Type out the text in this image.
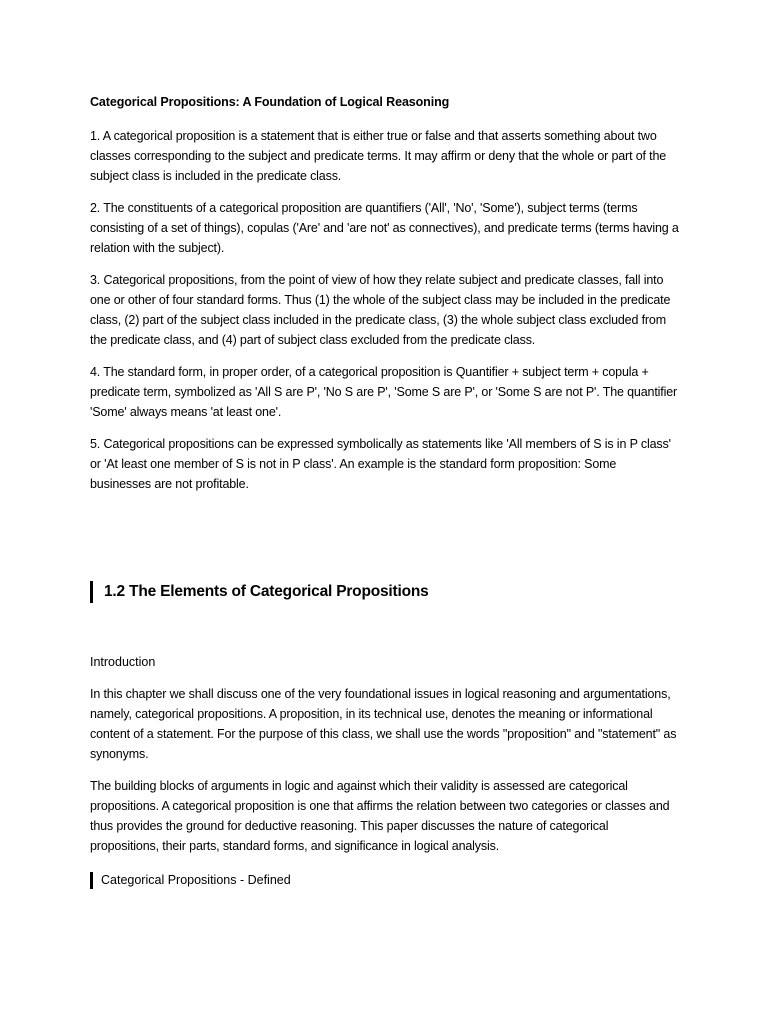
Categorical Propositions: A Foundation of Logical Reasoning

1. A categorical proposition is a statement that is either true or false and that asserts something about two classes corresponding to the subject and predicate terms. It may affirm or deny that the whole or part of the subject class is included in the predicate class.

2. The constituents of a categorical proposition are quantifiers ('All', 'No', 'Some'), subject terms (terms consisting of a set of things), copulas ('Are' and 'are not' as connectives), and predicate terms (terms having a relation with the subject).

3. Categorical propositions, from the point of view of how they relate subject and predicate classes, fall into one or other of four standard forms. Thus (1) the whole of the subject class may be included in the predicate class, (2) part of the subject class included in the predicate class, (3) the whole subject class excluded from the predicate class, and (4) part of subject class excluded from the predicate class.

4. The standard form, in proper order, of a categorical proposition is Quantifier + subject term + copula + predicate term, symbolized as 'All S are P', 'No S are P', 'Some S are P', or 'Some S are not P'. The quantifier 'Some' always means 'at least one'.

5. Categorical propositions can be expressed symbolically as statements like 'All members of S is in P class' or 'At least one member of S is not in P class'. An example is the standard form proposition: Some businesses are not profitable.

1.2 The Elements of Categorical Propositions
Introduction

In this chapter we shall discuss one of the very foundational issues in logical reasoning and argumentations, namely, categorical propositions. A proposition, in its technical use, denotes the meaning or informational content of a statement. For the purpose of this class, we shall use the words "proposition" and "statement" as synonyms.

The building blocks of arguments in logic and against which their validity is assessed are categorical propositions. A categorical proposition is one that affirms the relation between two categories or classes and thus provides the ground for deductive reasoning. This paper discusses the nature of categorical propositions, their parts, standard forms, and significance in logical analysis.

Categorical Propositions - Defined
